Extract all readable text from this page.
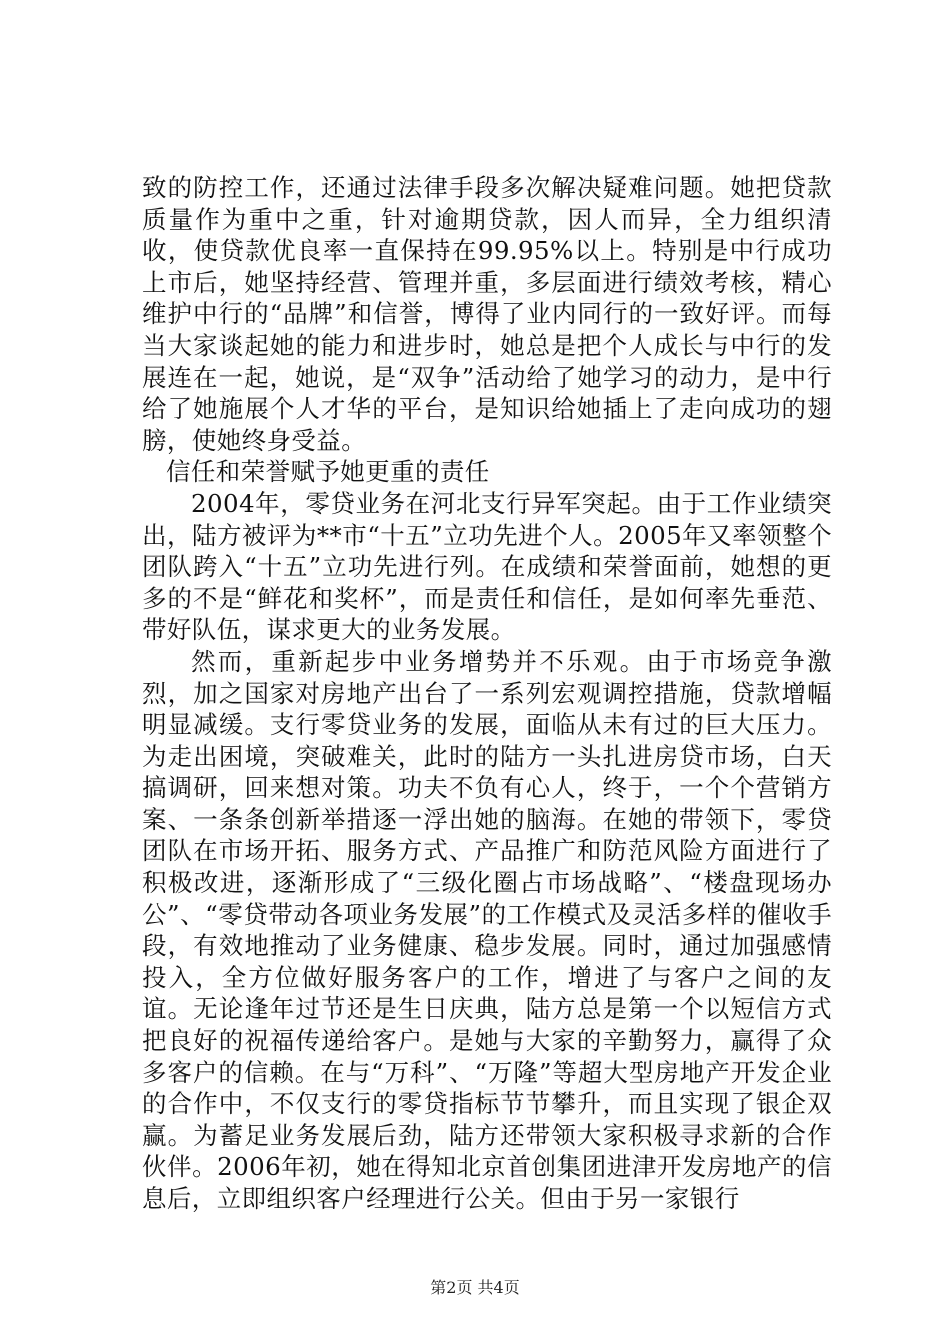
致的防控工作，还通过法律手段多次解决疑难问题。她把贷款质量作为重中之重，针对逾期贷款，因人而异，全力组织清收，使贷款优良率一直保持在99.95%以上。特别是中行成功上市后，她坚持经营、管理并重，多层面进行绩效考核，精心维护中行的“品牌”和信誉，博得了业内同行的一致好评。而每当大家谈起她的能力和进步时，她总是把个人成长与中行的发展连在一起，她说，是“双争”活动给了她学习的动力，是中行给了她施展个人才华的平台，是知识给她插上了走向成功的翅膀，使她终身受益。

信任和荣誉赋予她更重的责任

2004年，零贷业务在河北支行异军突起。由于工作业绩突出，陆方被评为**市“十五”立功先进个人。2005年又率领整个团队跨入“十五”立功先进行列。在成绩和荣誉面前，她想的更多的不是“鲜花和奖杯”，而是责任和信任，是如何率先垂范、带好队伍，谋求更大的业务发展。

然而，重新起步中业务增势并不乐观。由于市场竞争激烈，加之国家对房地产出台了一系列宏观调控措施，贷款增幅明显减缓。支行零贷业务的发展，面临从未有过的巨大压力。为走出困境，突破难关，此时的陆方一头扎进房贷市场，白天搞调研，回来想对策。功夫不负有心人，终于，一个个营销方案、一条条创新举措逐一浮出她的脑海。在她的带领下，零贷团队在市场开拓、服务方式、产品推广和防范风险方面进行了积极改进，逐渐形成了“三级化圈占市场战略”、“楼盘现场办公”、“零贷带动各项业务发展”的工作模式及灵活多样的催收手段，有效地推动了业务健康、稳步发展。同时，通过加强感情投入，全方位做好服务客户的工作，增进了与客户之间的友谊。无论逢年过节还是生日庆典，陆方总是第一个以短信方式把良好的祝福传递给客户。是她与大家的辛勤努力，赢得了众多客户的信赖。在与“万科”、“万隆”等超大型房地产开发企业的合作中，不仅支行的零贷指标节节攀升，而且实现了银企双赢。为蓄足业务发展后劲，陆方还带领大家积极寻求新的合作伙伴。2006年初，她在得知北京首创集团进津开发房地产的信息后，立即组织客户经理进行公关。但由于另一家银行

第2页 共4页
